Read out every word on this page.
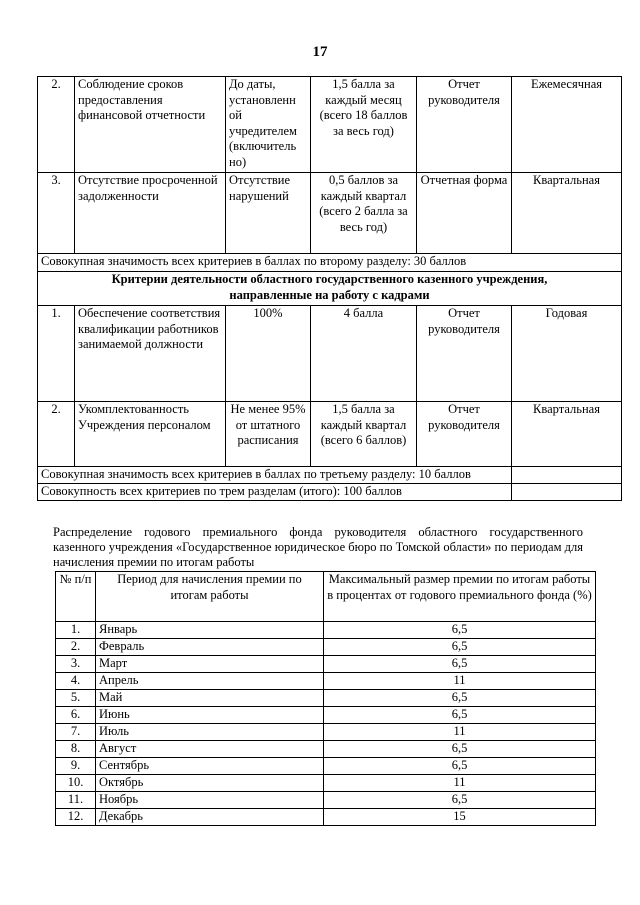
17
2.	Соблюдение сроков предоставления финансовой отчетности	До даты, установленн ой учредителем (включитель но)	1,5 балла за каждый месяц (всего 18 баллов за весь год)	Отчет руководителя	Ежемесячная
3.	Отсутствие просроченной задолженности	Отсутствие нарушений	0,5 баллов за каждый квартал (всего 2 балла за весь год)	Отчетная форма	Квартальная
Совокупная значимость всех критериев в баллах по второму разделу: 30 баллов					
Критерии деятельности областного государственного казенного учреждения,
направленные на работу с кадрами					
1.	Обеспечение соответствия квалификации работников занимаемой должности	100%	4 балла	Отчет руководителя	Годовая
2.	Укомплектованность Учреждения персоналом	Не менее 95% от штатного расписания	1,5 балла за каждый квартал (всего 6 баллов)	Отчет руководителя	Квартальная
Совокупная значимость всех критериев в баллах по третьему разделу: 10 баллов					
Совокупность всех критериев по трем разделам (итого): 100 баллов					
Распределение годового премиального фонда руководителя областного государственного казенного учреждения «Государственное юридическое бюро по Томской области» по периодам для начисления премии по итогам работы
№ п/п	Период для начисления премии по итогам работы	Максимальный размер премии по итогам работы в процентах от годового премиального фонда (%)
1.	Январь	6,5
2.	Февраль	6,5
3.	Март	6,5
4.	Апрель	11
5.	Май	6,5
6.	Июнь	6,5
7.	Июль	11
8.	Август	6,5
9.	Сентябрь	6,5
10.	Октябрь	11
11.	Ноябрь	6,5
12.	Декабрь	15
